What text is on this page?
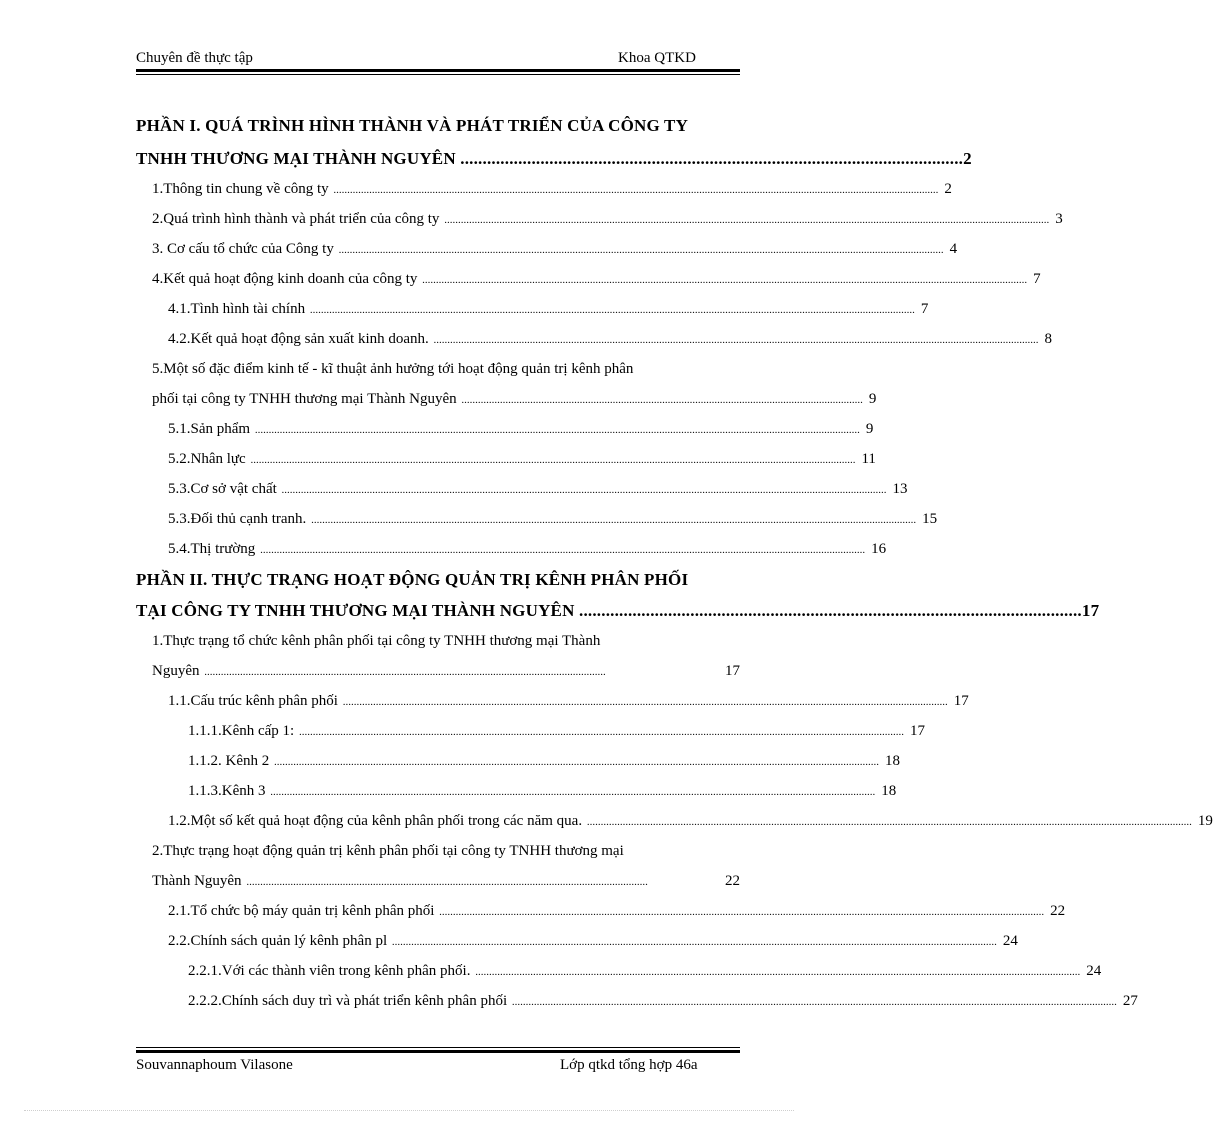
Chuyên đề thực tập	Khoa QTKD
PHẦN I. QUÁ TRÌNH HÌNH THÀNH VÀ PHÁT TRIỂN CỦA CÔNG TY
TNHH THƯƠNG MẠI THÀNH NGUYÊN ................................................................................................................. 2
1.Thông tin chung về công ty ............................................................................................................................................................................................................................ 2
2.Quá trình hình thành và phát triển của công ty ............................................................................................................................................................................................................................ 3
3. Cơ cấu tổ chức của Công ty ............................................................................................................................................................................................................................ 4
4.Kết quả hoạt động kinh doanh của công ty ............................................................................................................................................................................................................................ 7
4.1.Tình hình tài chính ............................................................................................................................................................................................................................ 7
4.2.Kết quả hoạt động sản xuất kinh doanh. ............................................................................................................................................................................................................................ 8
5.Một số đặc điểm kinh tế - kĩ thuật ảnh hưởng tới hoạt động quản trị kênh phân
phối tại công ty TNHH thương mại Thành Nguyên .................................................................................................................................................. 9
5.1.Sản phẩm ............................................................................................................................................................................................................................ 9
5.2.Nhân lực ............................................................................................................................................................................................................................ 11
5.3.Cơ sở vật chất ............................................................................................................................................................................................................................ 13
5.3.Đối thủ cạnh tranh. ............................................................................................................................................................................................................................ 15
5.4.Thị trường ............................................................................................................................................................................................................................ 16
PHẦN II. THỰC TRẠNG HOẠT ĐỘNG QUẢN TRỊ KÊNH PHÂN PHỐI
TẠI CÔNG TY TNHH THƯƠNG MẠI THÀNH NGUYÊN ................................................................................................................. 17
1.Thực trạng tổ chức kênh phân phối tại công ty TNHH thương mại Thành
Nguyên ..................................................................................................................................................	17
1.1.Cấu trúc kênh phân phối ............................................................................................................................................................................................................................ 17
1.1.1.Kênh cấp 1: ............................................................................................................................................................................................................................ 17
1.1.2. Kênh 2 ............................................................................................................................................................................................................................ 18
1.1.3.Kênh 3 ............................................................................................................................................................................................................................ 18
1.2.Một số kết quả hoạt động của kênh phân phối trong các năm qua. ............................................................................................................................................................................................................................ 19
2.Thực trạng hoạt động quản trị kênh phân phối tại công ty TNHH thương mại
Thành Nguyên ..................................................................................................................................................	22
2.1.Tổ chức bộ máy quản trị kênh phân phối ............................................................................................................................................................................................................................ 22
2.2.Chính sách quản lý kênh phân pl ............................................................................................................................................................................................................................ 24
2.2.1.Với các thành viên trong kênh phân phối. ............................................................................................................................................................................................................................ 24
2.2.2.Chính sách duy trì và phát triển kênh phân phối ............................................................................................................................................................................................................................ 27
Souvannaphoum Vilasone	Lớp qtkd tổng hợp 46a
